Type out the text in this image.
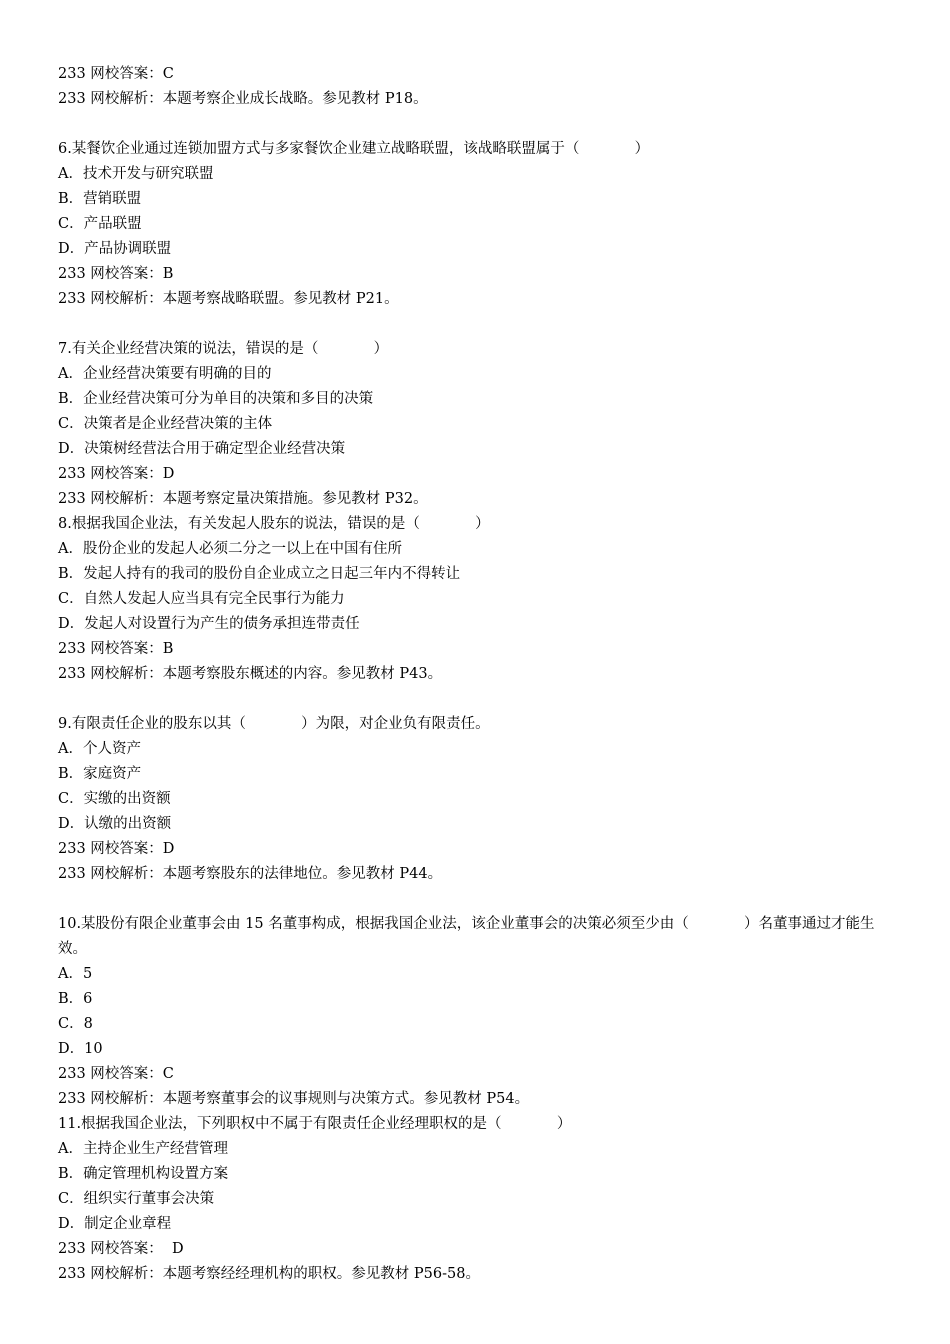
233 网校答案：C
233 网校解析：本题考察企业成长战略。参见教材 P18。
6.某餐饮企业通过连锁加盟方式与多家餐饮企业建立战略联盟，该战略联盟属于（            ）
A．技术开发与研究联盟
B．营销联盟
C．产品联盟
D．产品协调联盟
233 网校答案：B
233 网校解析：本题考察战略联盟。参见教材 P21。
7.有关企业经营决策的说法，错误的是（            ）
A．企业经营决策要有明确的目的
B．企业经营决策可分为单目的决策和多目的决策
C．决策者是企业经营决策的主体
D．决策树经营法合用于确定型企业经营决策
233 网校答案：D
233 网校解析：本题考察定量决策措施。参见教材 P32。
8.根据我国企业法，有关发起人股东的说法，错误的是（            ）
A．股份企业的发起人必须二分之一以上在中国有住所
B．发起人持有的我司的股份自企业成立之日起三年内不得转让
C．自然人发起人应当具有完全民事行为能力
D．发起人对设置行为产生的债务承担连带责任
233 网校答案：B
233 网校解析：本题考察股东概述的内容。参见教材 P43。
9.有限责任企业的股东以其（            ）为限，对企业负有限责任。
A．个人资产
B．家庭资产
C．实缴的出资额
D．认缴的出资额
233 网校答案：D
233 网校解析：本题考察股东的法律地位。参见教材 P44。
10.某股份有限企业董事会由 15 名董事构成，根据我国企业法，该企业董事会的决策必须至少由（            ）名董事通过才能生效。
A．5
B．6
C．8
D．10
233 网校答案：C
233 网校解析：本题考察董事会的议事规则与决策方式。参见教材 P54。
11.根据我国企业法，下列职权中不属于有限责任企业经理职权的是（            ）
A．主持企业生产经营管理
B．确定管理机构设置方案
C．组织实行董事会决策
D．制定企业章程
233 网校答案：  D
233 网校解析：本题考察经经理机构的职权。参见教材 P56-58。
